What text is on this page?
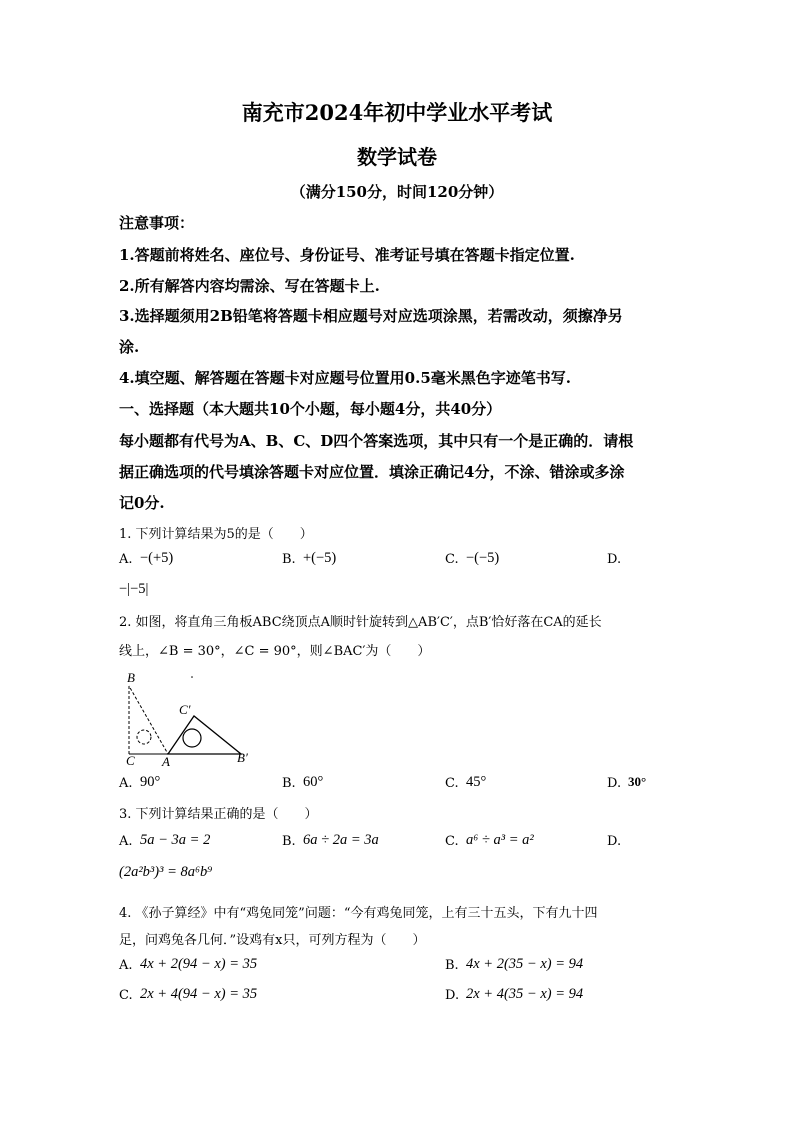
南充市2024年初中学业水平考试
数学试卷
（满分150分，时间120分钟）
注意事项：
1.答题前将姓名、座位号、身份证号、准考证号填在答题卡指定位置.
2.所有解答内容均需涂、写在答题卡上.
3.选择题须用2B铅笔将答题卡相应题号对应选项涂黑，若需改动，须擦净另
涂.
4.填空题、解答题在答题卡对应题号位置用0.5毫米黑色字迹笔书写.
一、选择题（本大题共10个小题，每小题4分，共40分）
每小题都有代号为A、B、C、D四个答案选项，其中只有一个是正确的．请根
据正确选项的代号填涂答题卡对应位置．填涂正确记4分，不涂、错涂或多涂
记0分.
1. 下列计算结果为5的是（　　）
A. −(+5)	B. +(−5)	C. −(−5)	D.
−|−5|
2. 如图，将直角三角板ABC绕顶点A顺时针旋转到△AB′C′，点B′恰好落在CA的延长
线上，∠B = 30°，∠C = 90°，则∠BAC′为（　　）
B
C A
C′
B′
A. 90°	B. 60°	C. 45°	D. 30°
3. 下列计算结果正确的是（　　）
A. 5a − 3a = 2	B. 6a ÷ 2a = 3a	C. a⁶ ÷ a³ = a²	D.
(2a²b³)³ = 8a⁶b⁹
4. 《孙子算经》中有“鸡兔同笼”问题：“今有鸡兔同笼，上有三十五头，下有九十四
足，问鸡兔各几何．”设鸡有x只，可列方程为（　　）
A. 4x + 2(94 − x) = 35	B. 4x + 2(35 − x) = 94
C. 2x + 4(94 − x) = 35	D. 2x + 4(35 − x) = 94
